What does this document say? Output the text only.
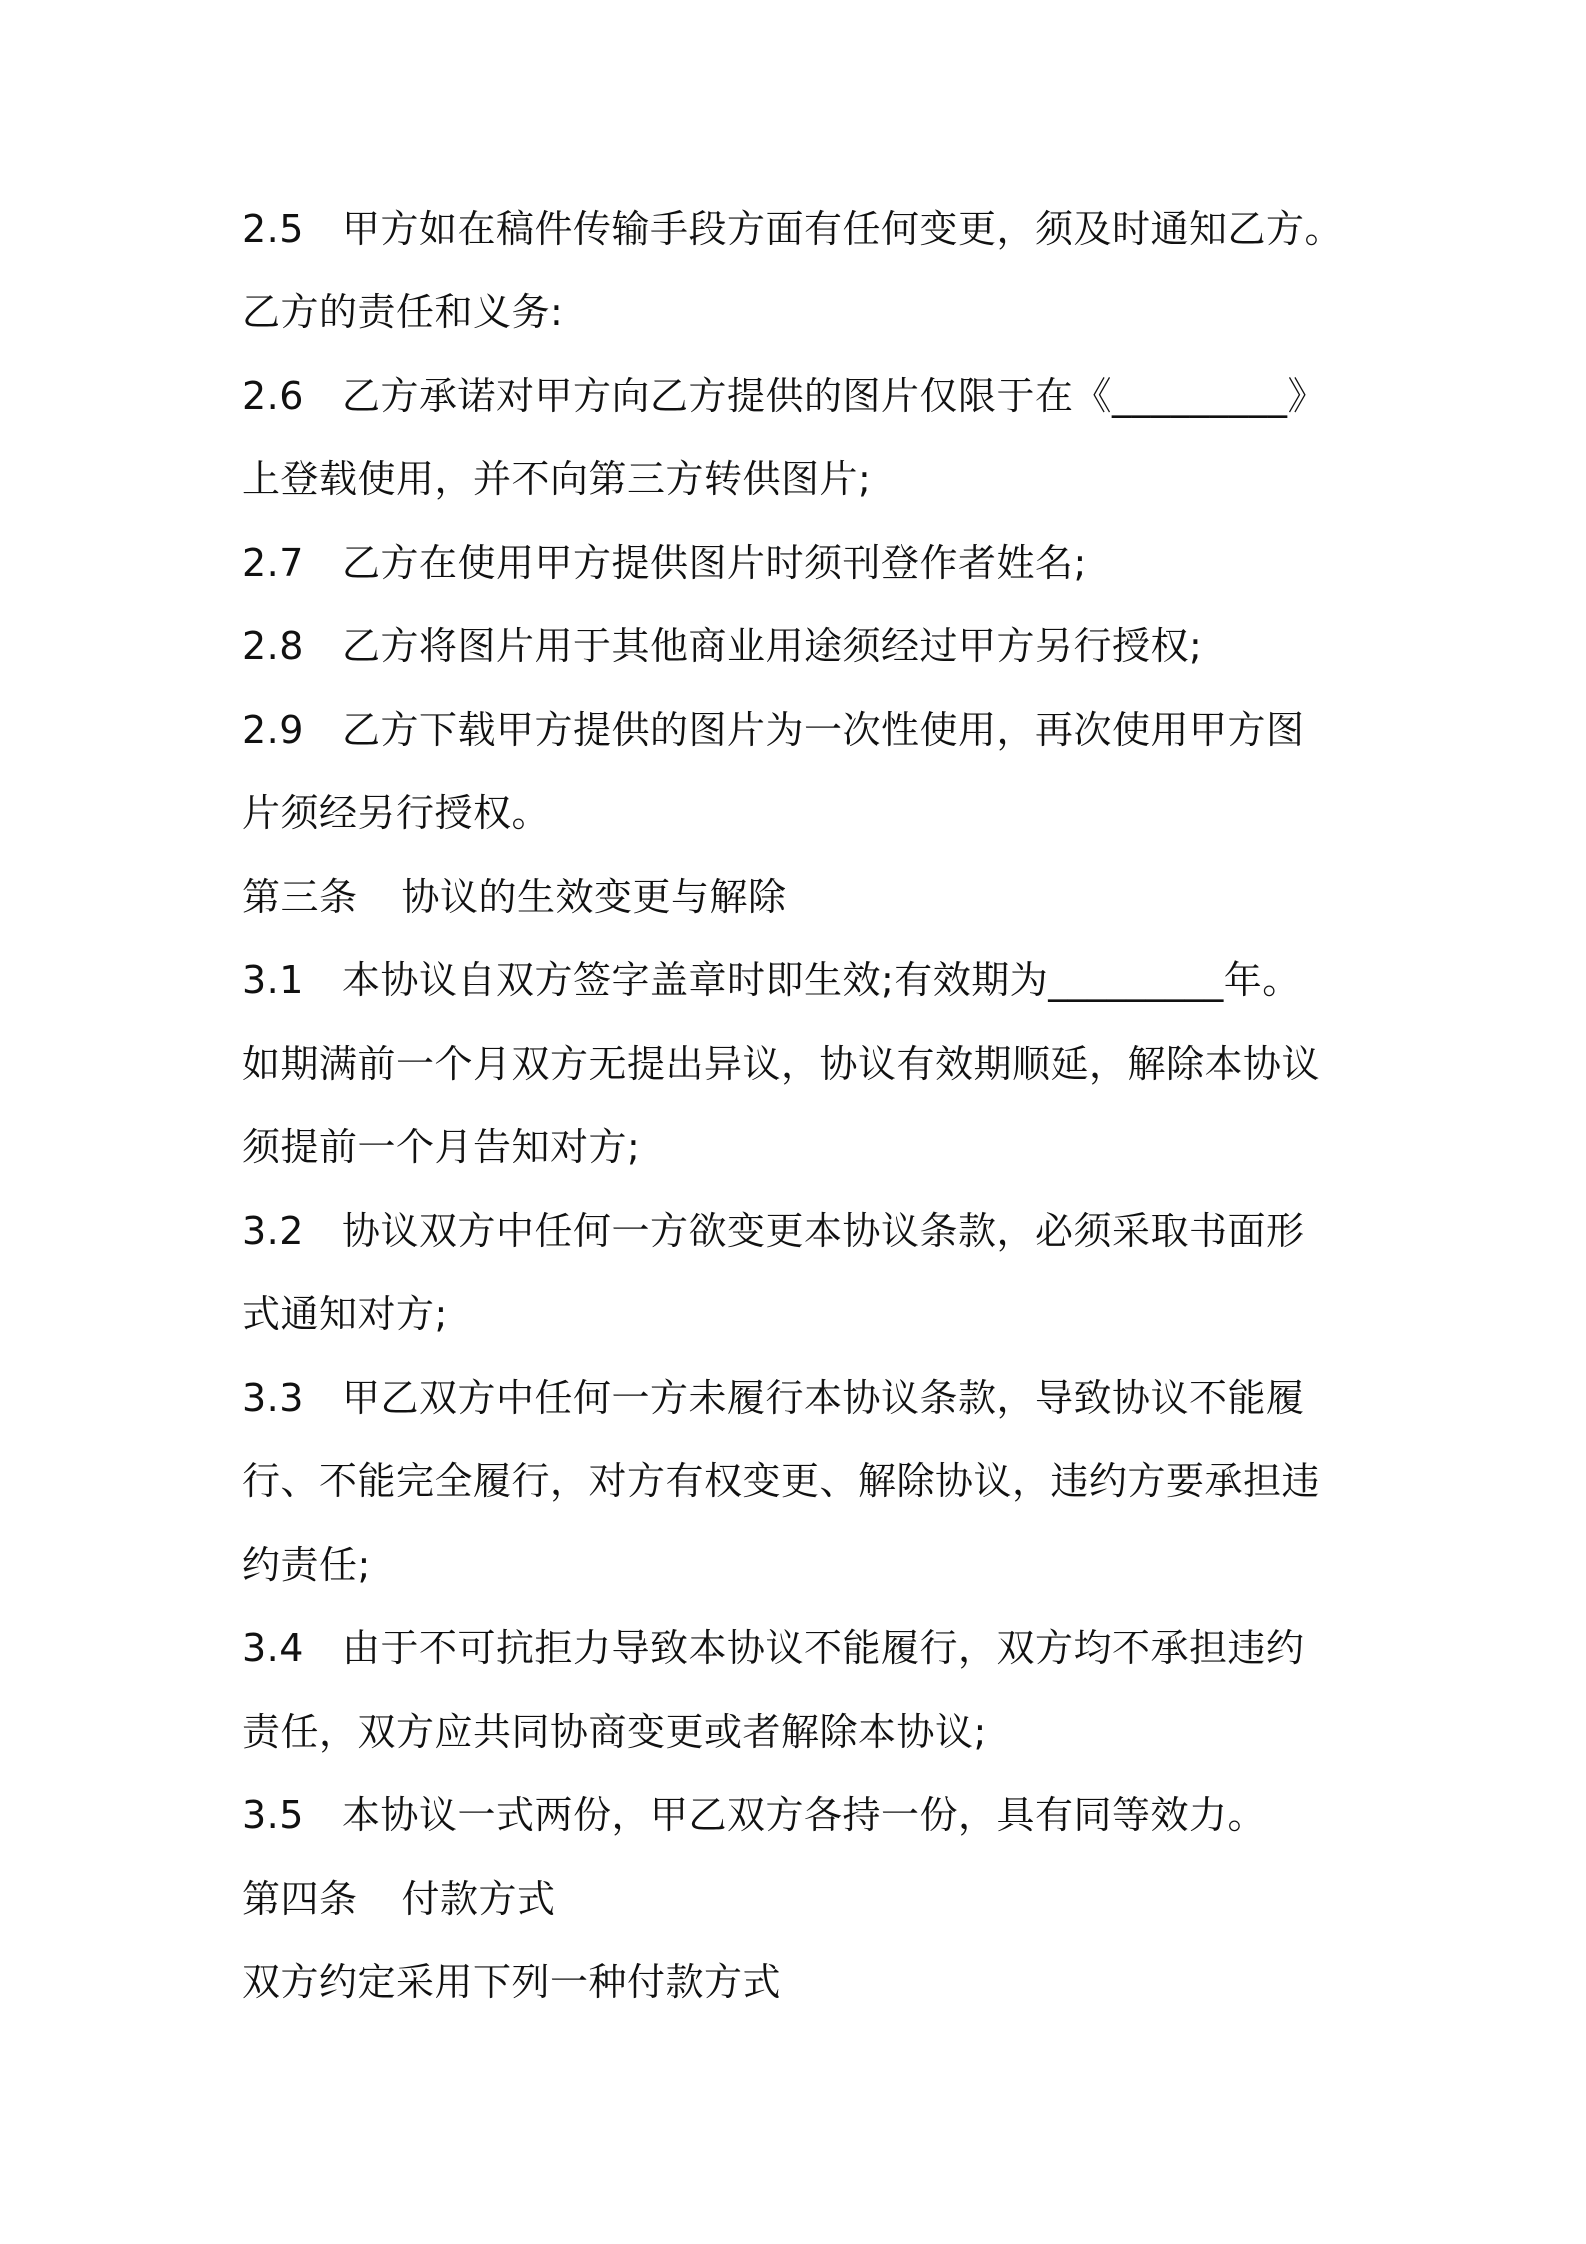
2.5 甲方如在稿件传输手段方面有任何变更，须及时通知乙方。
乙方的责任和义务:
2.6 乙方承诺对甲方向乙方提供的图片仅限于在《_________》
上登载使用，并不向第三方转供图片;
2.7 乙方在使用甲方提供图片时须刊登作者姓名;
2.8 乙方将图片用于其他商业用途须经过甲方另行授权;
2.9 乙方下载甲方提供的图片为一次性使用，再次使用甲方图
片须经另行授权。
第三条 协议的生效变更与解除
3.1 本协议自双方签字盖章时即生效;有效期为_________年。
如期满前一个月双方无提出异议，协议有效期顺延，解除本协议
须提前一个月告知对方;
3.2 协议双方中任何一方欲变更本协议条款，必须采取书面形
式通知对方;
3.3 甲乙双方中任何一方未履行本协议条款，导致协议不能履
行、不能完全履行，对方有权变更、解除协议，违约方要承担违
约责任;
3.4 由于不可抗拒力导致本协议不能履行，双方均不承担违约
责任，双方应共同协商变更或者解除本协议;
3.5 本协议一式两份，甲乙双方各持一份，具有同等效力。
第四条 付款方式
双方约定采用下列一种付款方式
